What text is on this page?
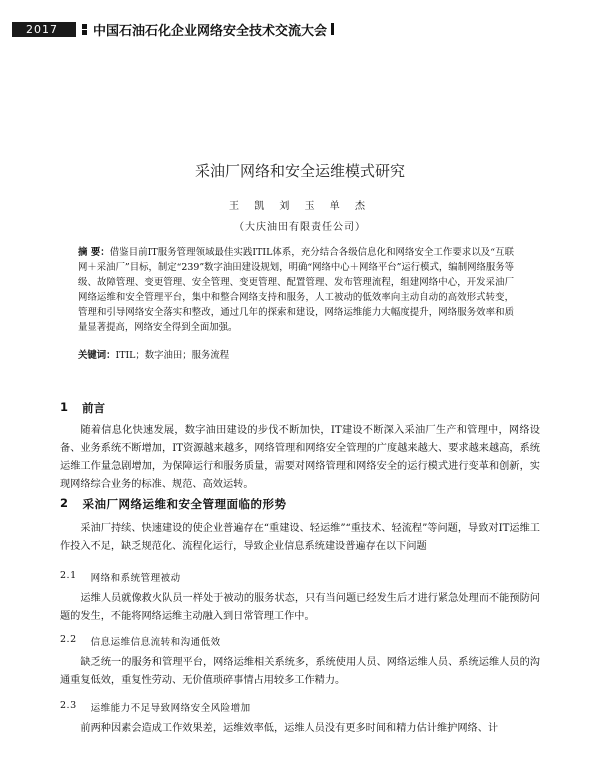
2017	中国石油石化企业网络安全技术交流大会
采油厂网络和安全运维模式研究
王 凯 刘 玉 单 杰
（大庆油田有限责任公司）
摘 要：借鉴目前IT服务管理领域最佳实践ITIL体系，充分结合各级信息化和网络安全工作要求以及“互联网＋采油厂”目标，制定“239”数字油田建设规划，明确“网络中心＋网络平台”运行模式，编制网络服务等级、故障管理、变更管理、安全管理、变更管理、配置管理、发布管理流程，组建网络中心，开发采油厂网络运维和安全管理平台，集中和整合网络支持和服务，人工被动的低效率向主动自动的高效形式转变，管理和引导网络安全落实和整改，通过几年的探索和建设，网络运维能力大幅度提升，网络服务效率和质量显著提高，网络安全得到全面加强。
关键词：ITIL；数字油田；服务流程
1 前言
随着信息化快速发展，数字油田建设的步伐不断加快，IT建设不断深入采油厂生产和管理中，网络设备、业务系统不断增加，IT资源越来越多，网络管理和网络安全管理的广度越来越大、要求越来越高，系统运维工作量急剧增加，为保障运行和服务质量，需要对网络管理和网络安全的运行模式进行变革和创新，实现网络综合业务的标准、规范、高效运转。
2 采油厂网络运维和安全管理面临的形势
采油厂持续、快速建设的使企业普遍存在“重建设、轻运维”“重技术、轻流程”等问题，导致对IT运维工作投入不足，缺乏规范化、流程化运行，导致企业信息系统建设普遍存在以下问题
2.1 网络和系统管理被动
运维人员就像救火队员一样处于被动的服务状态，只有当问题已经发生后才进行紧急处理而不能预防问题的发生，不能将网络运维主动融入到日常管理工作中。
2.2 信息运维信息流转和沟通低效
缺乏统一的服务和管理平台，网络运维相关系统多，系统使用人员、网络运维人员、系统运维人员的沟通重复低效，重复性劳动、无价值琐碎事情占用较多工作精力。
2.3 运维能力不足导致网络安全风险增加
前两种因素会造成工作效果差，运维效率低，运维人员没有更多时间和精力估计维护网络、计
